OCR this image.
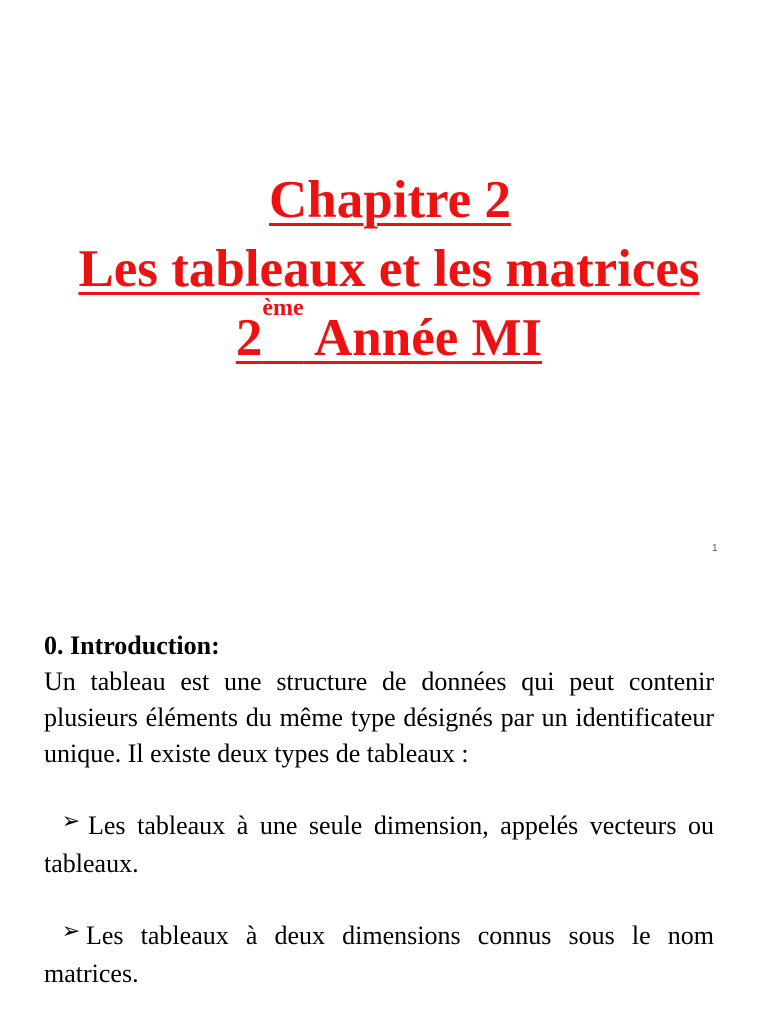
Chapitre 2
Les tableaux et les matrices
2ème Année MI
1

0. Introduction:

Un tableau est une structure de données qui peut contenir plusieurs éléments du même type désignés par un identificateur unique. Il existe deux types de tableaux :

➢ Les tableaux à une seule dimension, appelés vecteurs ou tableaux.

➢ Les tableaux à deux dimensions connus sous le nom matrices.
